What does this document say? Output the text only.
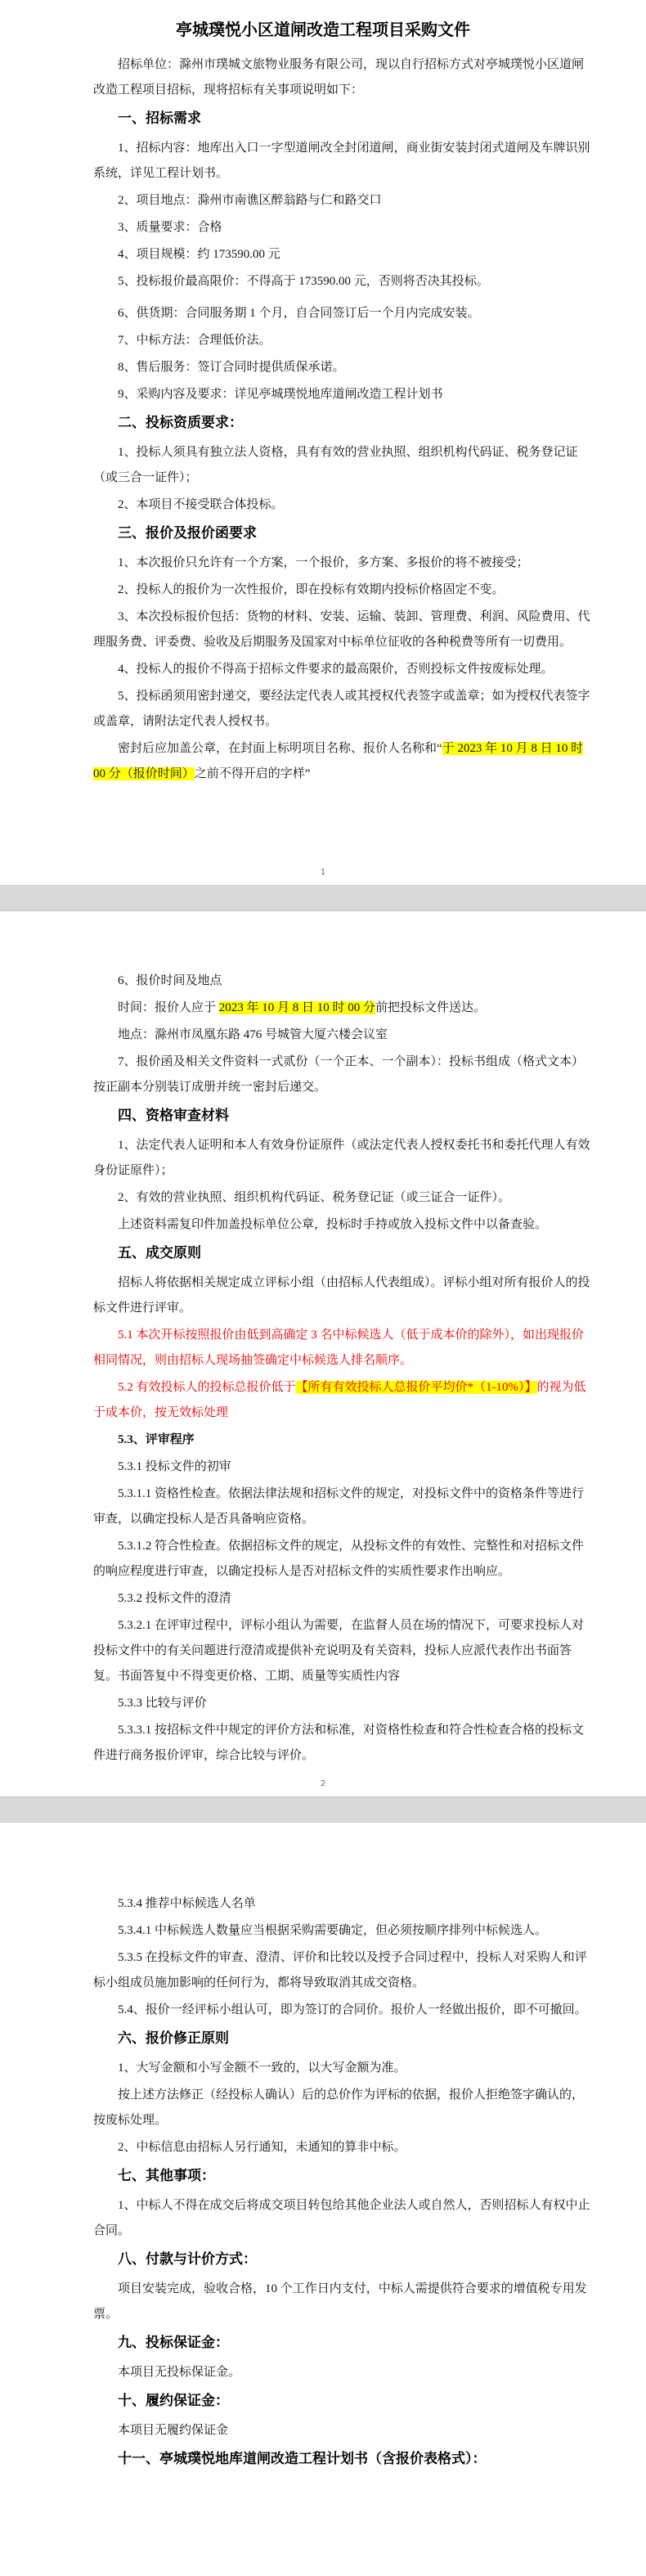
亭城璞悦小区道闸改造工程项目采购文件

招标单位：滁州市璞城文旅物业服务有限公司，现以自行招标方式对亭城璞悦小区道闸改造工程项目招标，现将招标有关事项说明如下：

一、招标需求

1、招标内容：地库出入口一字型道闸改全封闭道闸，商业街安装封闭式道闸及车牌识别系统，详见工程计划书。

2、项目地点：滁州市南谯区醉翁路与仁和路交口

3、质量要求：合格

4、项目规模：约 173590.00 元

5、投标报价最高限价：不得高于 173590.00 元，否则将否决其投标。

6、供货期：合同服务期 1 个月，自合同签订后一个月内完成安装。

7、中标方法：合理低价法。

8、售后服务：签订合同时提供质保承诺。

9、采购内容及要求：详见亭城璞悦地库道闸改造工程计划书

二、投标资质要求：

1、投标人须具有独立法人资格，具有有效的营业执照、组织机构代码证、税务登记证（或三合一证件）；

2、本项目不接受联合体投标。

三、报价及报价函要求

1、本次报价只允许有一个方案，一个报价，多方案、多报价的将不被接受；

2、投标人的报价为一次性报价，即在投标有效期内投标价格固定不变。

3、本次投标报价包括：货物的材料、安装、运输、装卸、管理费、利润、风险费用、代理服务费、评委费、验收及后期服务及国家对中标单位征收的各种税费等所有一切费用。

4、投标人的报价不得高于招标文件要求的最高限价，否则投标文件按废标处理。

5、投标函须用密封递交，要经法定代表人或其授权代表签字或盖章；如为授权代表签字或盖章，请附法定代表人授权书。

密封后应加盖公章，在封面上标明项目名称、报价人名称和“于 2023 年 10 月 8 日 10 时 00 分（报价时间）之前不得开启的字样”

1

6、报价时间及地点

时间：报价人应于 2023 年 10 月 8 日 10 时 00 分前把投标文件送达。

地点：滁州市凤凰东路 476 号城管大厦六楼会议室

7、报价函及相关文件资料一式贰份（一个正本、一个副本）：投标书组成（格式文本）按正副本分别装订成册并统一密封后递交。

四、资格审查材料

1、法定代表人证明和本人有效身份证原件（或法定代表人授权委托书和委托代理人有效身份证原件）；

2、有效的营业执照、组织机构代码证、税务登记证（或三证合一证件）。

上述资料需复印件加盖投标单位公章，投标时手持或放入投标文件中以备查验。

五、成交原则

招标人将依据相关规定成立评标小组（由招标人代表组成）。评标小组对所有报价人的投标文件进行评审。

5.1 本次开标按照报价由低到高确定 3 名中标候选人（低于成本价的除外），如出现报价相同情况，则由招标人现场抽签确定中标候选人排名顺序。

5.2 有效投标人的投标总报价低于【所有有效投标人总报价平均价*（1-10%）】的视为低于成本价，按无效标处理

5.3、评审程序

5.3.1 投标文件的初审

5.3.1.1 资格性检查。依据法律法规和招标文件的规定，对投标文件中的资格条件等进行审查，以确定投标人是否具备响应资格。

5.3.1.2 符合性检查。依据招标文件的规定，从投标文件的有效性、完整性和对招标文件的响应程度进行审查，以确定投标人是否对招标文件的实质性要求作出响应。

5.3.2 投标文件的澄清

5.3.2.1 在评审过程中，评标小组认为需要，在监督人员在场的情况下，可要求投标人对投标文件中的有关问题进行澄清或提供补充说明及有关资料，投标人应派代表作出书面答复。书面答复中不得变更价格、工期、质量等实质性内容

5.3.3 比较与评价

5.3.3.1 按招标文件中规定的评价方法和标准，对资格性检查和符合性检查合格的投标文件进行商务报价评审，综合比较与评价。

2

5.3.4 推荐中标候选人名单

5.3.4.1 中标候选人数量应当根据采购需要确定，但必须按顺序排列中标候选人。

5.3.5 在投标文件的审查、澄清、评价和比较以及授予合同过程中，投标人对采购人和评标小组成员施加影响的任何行为，都将导致取消其成交资格。

5.4、报价一经评标小组认可，即为签订的合同价。报价人一经做出报价，即不可撤回。

六、报价修正原则

1、大写金额和小写金额不一致的，以大写金额为准。

按上述方法修正（经投标人确认）后的总价作为评标的依据，报价人拒绝签字确认的，按废标处理。

2、中标信息由招标人另行通知，未通知的算非中标。

七、其他事项：

1、中标人不得在成交后将成交项目转包给其他企业法人或自然人，否则招标人有权中止合同。

八、付款与计价方式：

项目安装完成，验收合格，10 个工作日内支付，中标人需提供符合要求的增值税专用发票。

九、投标保证金：

本项目无投标保证金。

十、履约保证金：

本项目无履约保证金

十一、亭城璞悦地库道闸改造工程计划书（含报价表格式）：
